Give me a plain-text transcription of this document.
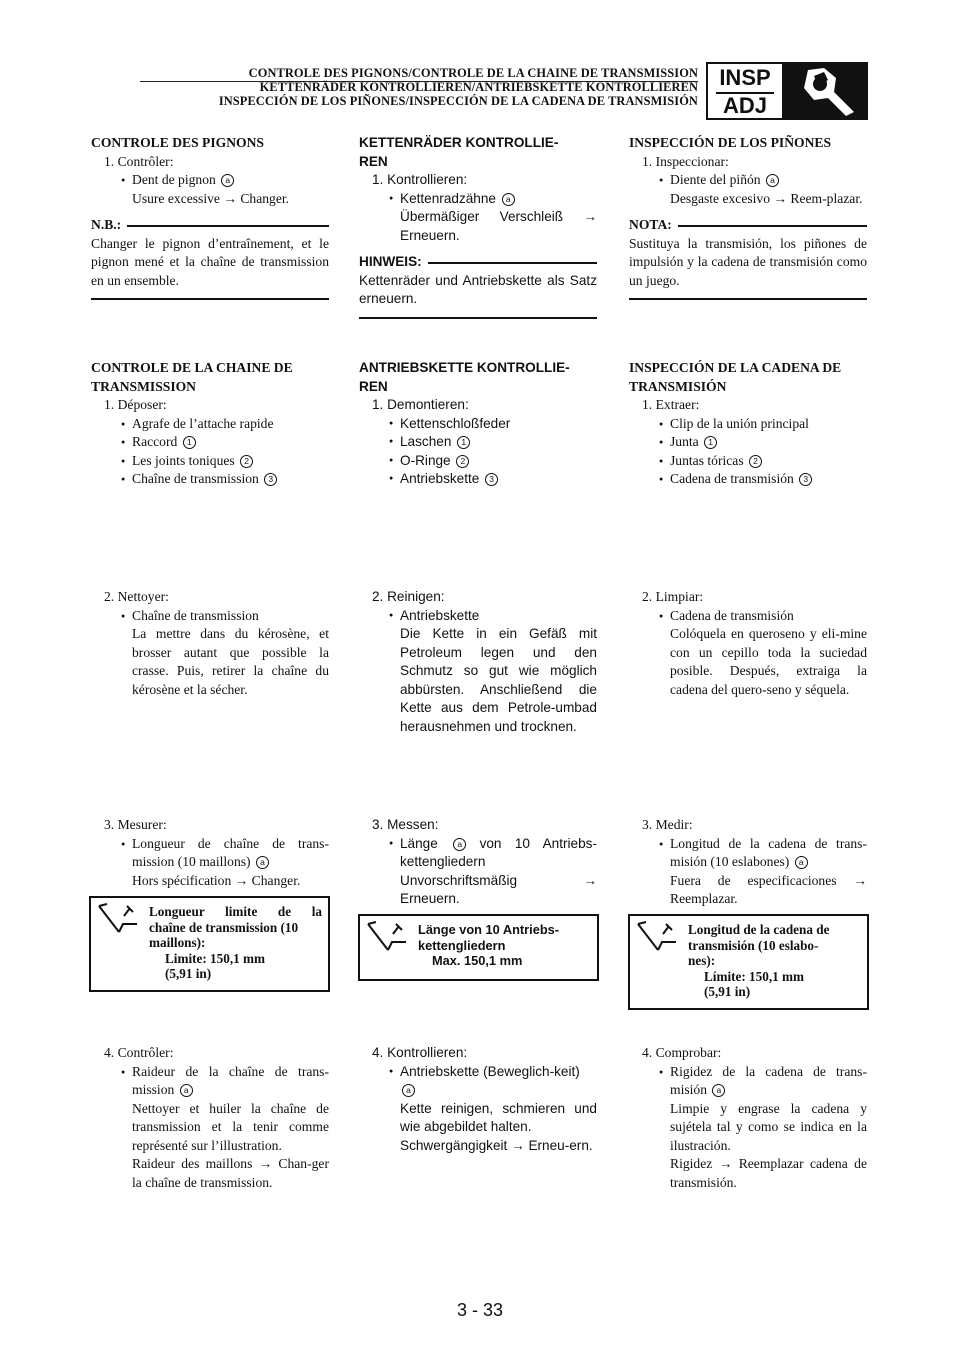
CONTROLE DES PIGNONS/CONTROLE DE LA CHAINE DE TRANSMISSION
KETTENRÄDER KONTROLLIEREN/ANTRIEBSKETTE KONTROLLIEREN
INSPECCIÓN DE LOS PIÑONES/INSPECCIÓN DE LA CADENA DE TRANSMISIÓN
INSP
ADJ
CONTROLE DES PIGNONS
1. Contrôler:
● Dent de pignon a
Usure excessive → Changer.
N.B.:
Changer le pignon d’entraînement, et le pignon mené et la chaîne de transmission en un ensemble.
CONTROLE DE LA CHAINE DE TRANSMISSION
1. Déposer:
● Agrafe de l’attache rapide
● Raccord 1
● Les joints toniques 2
● Chaîne de transmission 3
2. Nettoyer:
● Chaîne de transmission
La mettre dans du kérosène, et brosser autant que possible la crasse. Puis, retirer la chaîne du kérosène et la sécher.
3. Mesurer:
● Longueur de chaîne de trans-mission (10 maillons) a
Hors spécification → Changer.
Longueur limite de la
chaîne de transmission (10
maillons):
Limite: 150,1 mm
(5,91 in)
4. Contrôler:
● Raideur de la chaîne de trans-mission a
Nettoyer et huiler la chaîne de transmission et la tenir comme représenté sur l’illustration.
Raideur des maillons → Chan-ger la chaîne de transmission.
KETTENRÄDER KONTROLLIE-
REN
1. Kontrollieren:
● Kettenradzähne a
Übermäßiger Verschleiß → Erneuern.
HINWEIS:
Kettenräder und Antriebskette als Satz erneuern.
ANTRIEBSKETTE KONTROLLIE-
REN
1. Demontieren:
● Kettenschloßfeder
● Laschen 1
● O-Ringe 2
● Antriebskette 3
2. Reinigen:
● Antriebskette
Die Kette in ein Gefäß mit Petroleum legen und den Schmutz so gut wie möglich abbürsten. Anschließend die Kette aus dem Petrole-umbad herausnehmen und trocknen.
3. Messen:
● Länge a von 10 Antriebs-kettengliedern
Unvorschriftsmäßig → Erneuern.
Länge von 10 Antriebs-
kettengliedern
Max. 150,1 mm
4. Kontrollieren:
● Antriebskette (Beweglich-keit) a
Kette reinigen, schmieren und wie abgebildet halten.
Schwergängigkeit → Erneu-ern.
INSPECCIÓN DE LOS PIÑONES
1. Inspeccionar:
● Diente del piñón a
Desgaste excesivo → Reem-plazar.
NOTA:
Sustituya la transmisión, los piñones de impulsión y la cadena de transmisión como un juego.
INSPECCIÓN DE LA CADENA DE
TRANSMISIÓN
1. Extraer:
● Clip de la unión principal
● Junta 1
● Juntas tóricas 2
● Cadena de transmisión 3
2. Limpiar:
● Cadena de transmisión
Colóquela en queroseno y eli-mine con un cepillo toda la suciedad posible. Después, extraiga la cadena del quero-seno y séquela.
3. Medir:
● Longitud de la cadena de trans-misión (10 eslabones) a
Fuera de especificaciones → Reemplazar.
Longitud de la cadena de
transmisión (10 eslabo-
nes):
Límite: 150,1 mm
(5,91 in)
4. Comprobar:
● Rigidez de la cadena de trans-misión a
Limpie y engrase la cadena y sujétela tal y como se indica en la ilustración.
Rigidez → Reemplazar cadena de transmisión.
3 - 33
